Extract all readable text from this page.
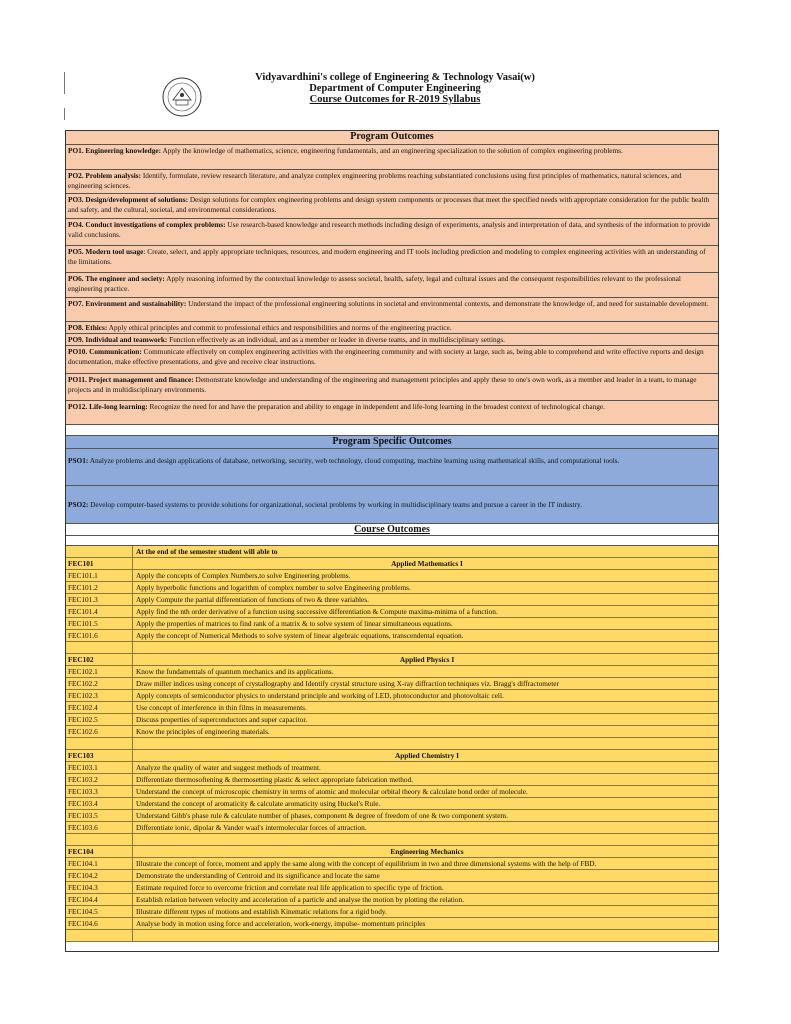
Vidyavardhini's college of Engineering & Technology Vasai(w)
Department of Computer Engineering
Course Outcomes for R-2019 Syllabus
Program Outcomes
PO1. Engineering knowledge: Apply the knowledge of mathematics, science, engineering fundamentals, and an engineering specialization to the solution of complex engineering problems.
PO2. Problem analysis: Identify, formulate, review research literature, and analyze complex engineering problems reaching substantiated conclusions using first principles of mathematics, natural sciences, and engineering sciences.
PO3. Design/development of solutions: Design solutions for complex engineering problems and design system components or processes that meet the specified needs with appropriate consideration for the public health and safety, and the cultural, societal, and environmental considerations.
PO4. Conduct investigations of complex problems: Use research-based knowledge and research methods including design of experiments, analysis and interpretation of data, and synthesis of the information to provide valid conclusions.
PO5. Modern tool usage: Create, select, and apply appropriate techniques, resources, and modern engineering and IT tools including prediction and modeling to complex engineering activities with an understanding of the limitations.
PO6. The engineer and society: Apply reasoning informed by the contextual knowledge to assess societal, health, safety, legal and cultural issues and the consequent responsibilities relevant to the professional engineering practice.
PO7. Environment and sustainability: Understand the impact of the professional engineering solutions in societal and environmental contexts, and demonstrate the knowledge of, and need for sustainable development.
PO8. Ethics: Apply ethical principles and commit to professional ethics and responsibilities and norms of the engineering practice.
PO9. Individual and teamwork: Function effectively as an individual, and as a member or leader in diverse teams, and in multidisciplinary settings.
PO10. Communication: Communicate effectively on complex engineering activities with the engineering community and with society at large, such as, being able to comprehend and write effective reports and design documentation, make effective presentations, and give and receive clear instructions.
PO11. Project management and finance: Demonstrate knowledge and understanding of the engineering and management principles and apply these to one's own work, as a member and leader in a team, to manage projects and in multidisciplinary environments.
PO12. Life-long learning: Recognize the need for and have the preparation and ability to engage in independent and life-long learning in the broadest context of technological change.
Program Specific Outcomes
PSO1: Analyze problems and design applications of database, networking, security, web technology, cloud computing, machine learning using mathematical skills, and computational tools.
PSO2: Develop computer-based systems to provide solutions for organizational, societal problems by working in multidisciplinary teams and pursue a career in the IT industry.
Course Outcomes
At the end of the semester student will able to
FEC101	Applied Mathematics I
FEC101.1	Apply the concepts of Complex Numbers,to solve Engineering problems.
FEC101.2	Apply hyperbolic functions and logarithm of complex number to solve Engineering problems.
FEC101.3	Apply Compute the partial differentiation of functions of two & three variables.
FEC101.4	Apply find the nth order derivative of a function using successive differentiation & Compute maxima-minima of a function.
FEC101.5	Apply the properties of matrices to find rank of a matrix & to solve system of linear simultaneous equations.
FEC101.6	Apply the concept of Numerical Methods to solve system of linear algebraic equations, transcendental equation.
FEC102	Applied Physics I
FEC102.1	Know the fundamentals of quantum mechanics and its applications.
FEC102.2	Draw miller indices using concept of crystallography and Identify crystal structure using X-ray diffraction techniques viz. Bragg's diffractometer
FEC102.3	Apply concepts of semiconductor physics to understand principle and working of LED, photoconductor and photovoltaic cell.
FEC102.4	Use concept of interference in thin films in measurements.
FEC102.5	Discuss properties of superconductors and super capacitor.
FEC102.6	Know the principles of engineering materials.
FEC103	Applied Chemistry I
FEC103.1	Analyze the quality of water and suggest methods of treatment.
FEC103.2	Differentiate thermosoftening & thermosetting plastic & select appropriate fabrication method.
FEC103.3	Understand the concept of microscopic chemistry in terms of atomic and molecular orbital theory & calculate bond order of molecule.
FEC103.4	Understand the concept of aromaticity & calculate aromaticity using Huckel's Rule.
FEC103.5	Understand Gibb's phase rule & calculate number of phases, component & degree of freedom of one & two component system.
FEC103.6	Differentiate ionic, dipolar & Vander waal's intermolecular forces of attraction.
FEC104	Engineering Mechanics
FEC104.1	Illustrate the concept of force, moment and apply the same along with the concept of equilibrium in two and three dimensional systems with the help of FBD.
FEC104.2	Demonstrate the understanding of Centroid and its significance and locate the same
FEC104.3	Estimate required force to overcome friction and correlate real life application to specific type of friction.
FEC104.4	Establish relation between velocity and acceleration of a particle and analyse the motion by plotting the relation.
FEC104.5	Illustrate different types of motions and establish Kinematic relations for a rigid body.
FEC104.6	Analyse body in motion using force and acceleration, work-energy, impulse- momentum principles
